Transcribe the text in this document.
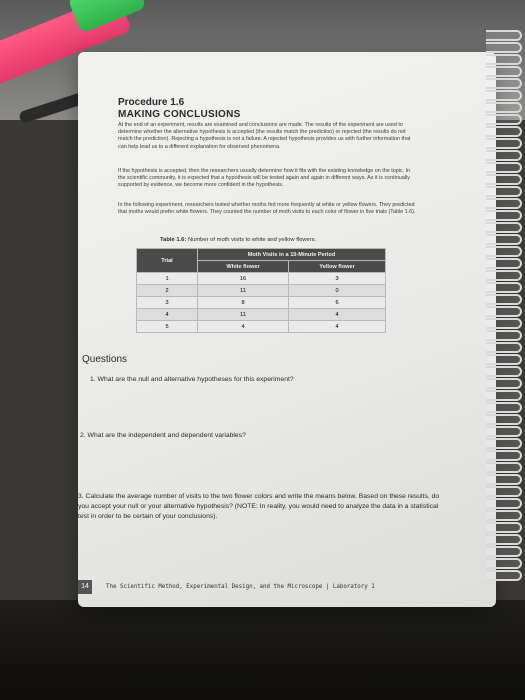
Procedure 1.6
MAKING CONCLUSIONS
At the end of an experiment, results are examined and conclusions are made. The results of the experiment are used to determine whether the alternative hypothesis is accepted (the results match the prediction) or rejected (the results do not match the prediction). Rejecting a hypothesis is not a failure. A rejected hypothesis provides us with further information that can help lead us to a different explanation for observed phenomena.
If the hypothesis is accepted, then the researchers usually determine how it fits with the existing knowledge on the topic. In the scientific community, it is expected that a hypothesis will be tested again and again in different ways. As it is continually supported by evidence, we become more confident in the hypothesis.
In the following experiment, researchers tested whether moths fed more frequently at white or yellow flowers. They predicted that moths would prefer white flowers. They counted the number of moth visits to each color of flower in five trials (Table 1.6).
Table 1.6: Number of moth visits to white and yellow flowers.
Trial	Moth Visits in a 10-Minute Period	
	White flower	Yellow flower
1	16	3
2	11	0
3	8	6
4	11	4
5	4	4
Questions
1. What are the null and alternative hypotheses for this experiment?
2. What are the independent and dependent variables?
3. Calculate the average number of visits to the two flower colors and write the means below. Based on these results, do you accept your null or your alternative hypothesis? (NOTE: In reality, you would need to analyze the data in a statistical test in order to be certain of your conclusions).
14	The Scientific Method, Experimental Design, and the Microscope | Laboratory 1
